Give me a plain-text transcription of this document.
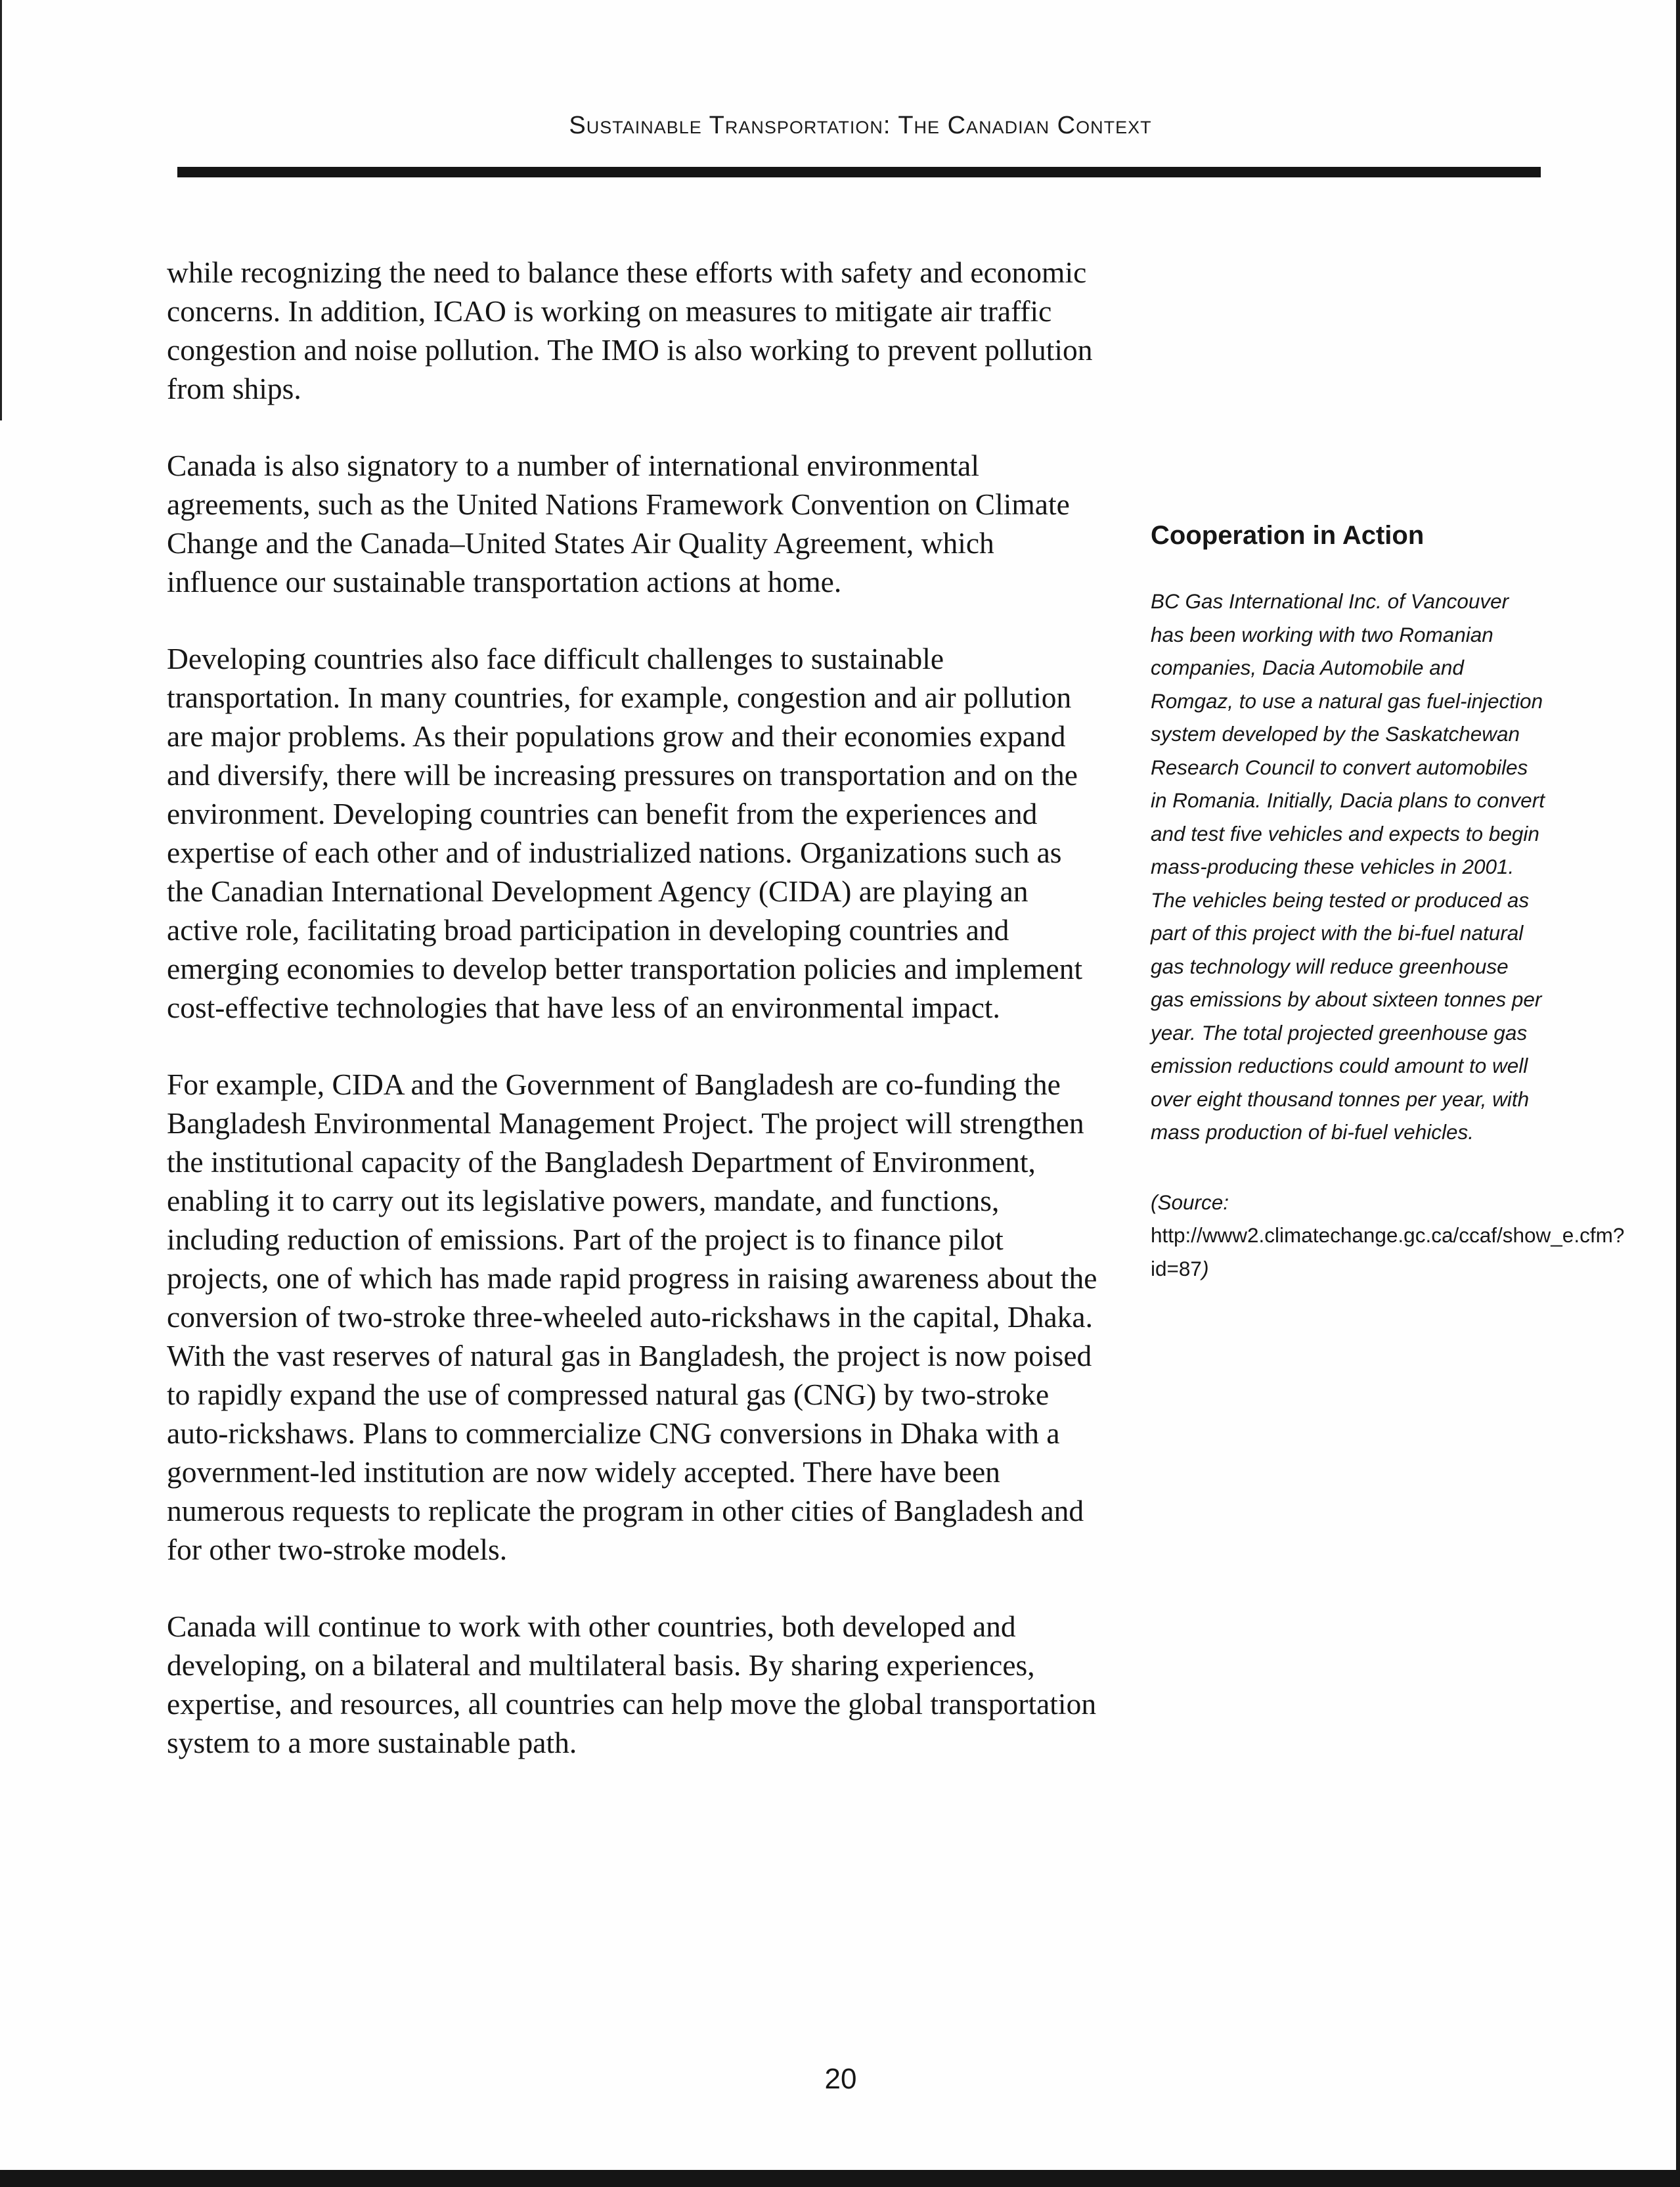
Sustainable Transportation: The Canadian Context

while recognizing the need to balance these efforts with safety and economic concerns. In addition, ICAO is working on measures to mitigate air traffic congestion and noise pollution. The IMO is also working to prevent pollution from ships.

Canada is also signatory to a number of international environmental agreements, such as the United Nations Framework Convention on Climate Change and the Canada–United States Air Quality Agreement, which influence our sustainable transportation actions at home.

Developing countries also face difficult challenges to sustainable transportation. In many countries, for example, congestion and air pollution are major problems. As their populations grow and their economies expand and diversify, there will be increasing pressures on transportation and on the environment. Developing countries can benefit from the experiences and expertise of each other and of industrialized nations. Organizations such as the Canadian International Development Agency (CIDA) are playing an active role, facilitating broad participation in developing countries and emerging economies to develop better transportation policies and implement cost-effective technologies that have less of an environmental impact.

For example, CIDA and the Government of Bangladesh are co-funding the Bangladesh Environmental Management Project. The project will strengthen the institutional capacity of the Bangladesh Department of Environment, enabling it to carry out its legislative powers, mandate, and functions, including reduction of emissions. Part of the project is to finance pilot projects, one of which has made rapid progress in raising awareness about the conversion of two-stroke three-wheeled auto-rickshaws in the capital, Dhaka. With the vast reserves of natural gas in Bangladesh, the project is now poised to rapidly expand the use of compressed natural gas (CNG) by two-stroke auto-rickshaws. Plans to commercialize CNG conversions in Dhaka with a government-led institution are now widely accepted. There have been numerous requests to replicate the program in other cities of Bangladesh and for other two-stroke models.

Canada will continue to work with other countries, both developed and developing, on a bilateral and multilateral basis. By sharing experiences, expertise, and resources, all countries can help move the global transportation system to a more sustainable path.

Cooperation in Action

BC Gas International Inc. of Vancouver has been working with two Romanian companies, Dacia Automobile and Romgaz, to use a natural gas fuel-injection system developed by the Saskatchewan Research Council to convert automobiles in Romania. Initially, Dacia plans to convert and test five vehicles and expects to begin mass-producing these vehicles in 2001. The vehicles being tested or produced as part of this project with the bi-fuel natural gas technology will reduce greenhouse gas emissions by about sixteen tonnes per year. The total projected greenhouse gas emission reductions could amount to well over eight thousand tonnes per year, with mass production of bi-fuel vehicles.

(Source: http://www2.climatechange.gc.ca/ccaf/show_e.cfm?id=87)

20
